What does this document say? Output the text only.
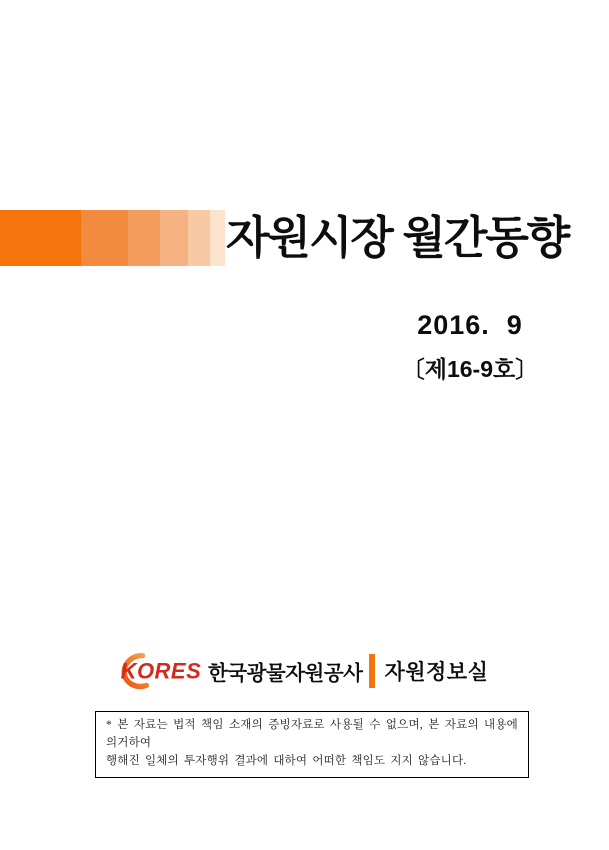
자원시장 월간동향
2016.  9
〔제16-9호〕
KORES 한국광물자원공사 자원정보실
* 본 자료는 법적 책임 소재의 증빙자료로 사용될 수 없으며, 본 자료의 내용에 의거하여
행해진 일체의 투자행위 결과에 대하여 어떠한 책임도 지지 않습니다.
